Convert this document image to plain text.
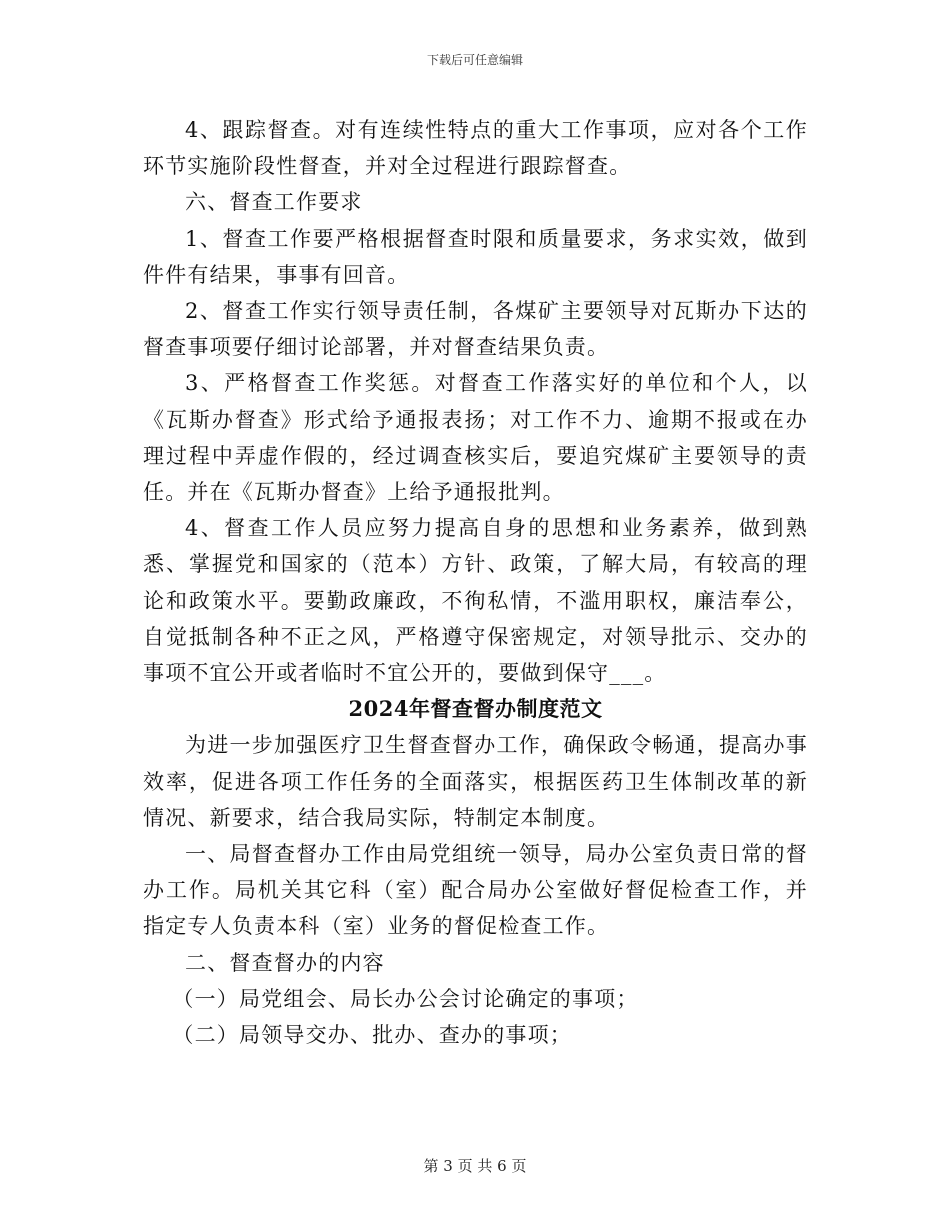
下载后可任意编辑

4、跟踪督查。对有连续性特点的重大工作事项，应对各个工作环节实施阶段性督查，并对全过程进行跟踪督查。

六、督查工作要求

1、督查工作要严格根据督查时限和质量要求，务求实效，做到件件有结果，事事有回音。

2、督查工作实行领导责任制，各煤矿主要领导对瓦斯办下达的督查事项要仔细讨论部署，并对督查结果负责。

3、严格督查工作奖惩。对督查工作落实好的单位和个人，以《瓦斯办督查》形式给予通报表扬；对工作不力、逾期不报或在办理过程中弄虚作假的，经过调查核实后，要追究煤矿主要领导的责任。并在《瓦斯办督查》上给予通报批判。

4、督查工作人员应努力提高自身的思想和业务素养，做到熟悉、掌握党和国家的（范本）方针、政策，了解大局，有较高的理论和政策水平。要勤政廉政，不徇私情，不滥用职权，廉洁奉公，自觉抵制各种不正之风，严格遵守保密规定，对领导批示、交办的事项不宜公开或者临时不宜公开的，要做到保守___。

2024年督查督办制度范文

为进一步加强医疗卫生督查督办工作，确保政令畅通，提高办事效率，促进各项工作任务的全面落实，根据医药卫生体制改革的新情况、新要求，结合我局实际，特制定本制度。

一、局督查督办工作由局党组统一领导，局办公室负责日常的督办工作。局机关其它科（室）配合局办公室做好督促检查工作，并指定专人负责本科（室）业务的督促检查工作。

二、督查督办的内容

（一）局党组会、局长办公会讨论确定的事项；

（二）局领导交办、批办、查办的事项；

第 3 页 共 6 页
